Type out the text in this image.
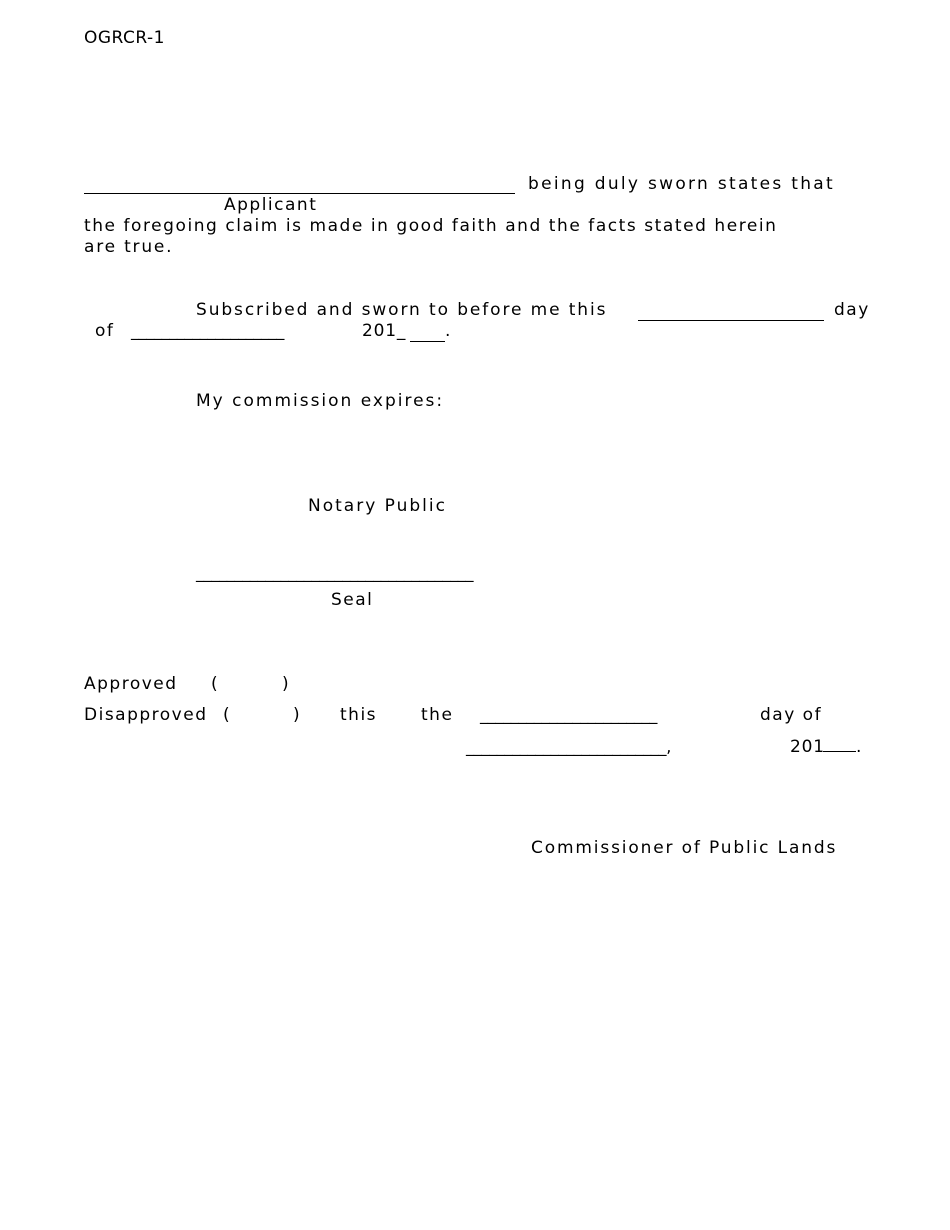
OGRCR-1
being duly sworn states that
Applicant
the foregoing claim is made in good faith and the facts stated herein
are true.
Subscribed and sworn to before me this	day
of ____________________	201_ .
My commission expires:
Notary Public
____________________________________
Seal
Approved (	)
Disapproved (	) this	the _______________________	day of
__________________________,	201 .
Commissioner of Public Lands
